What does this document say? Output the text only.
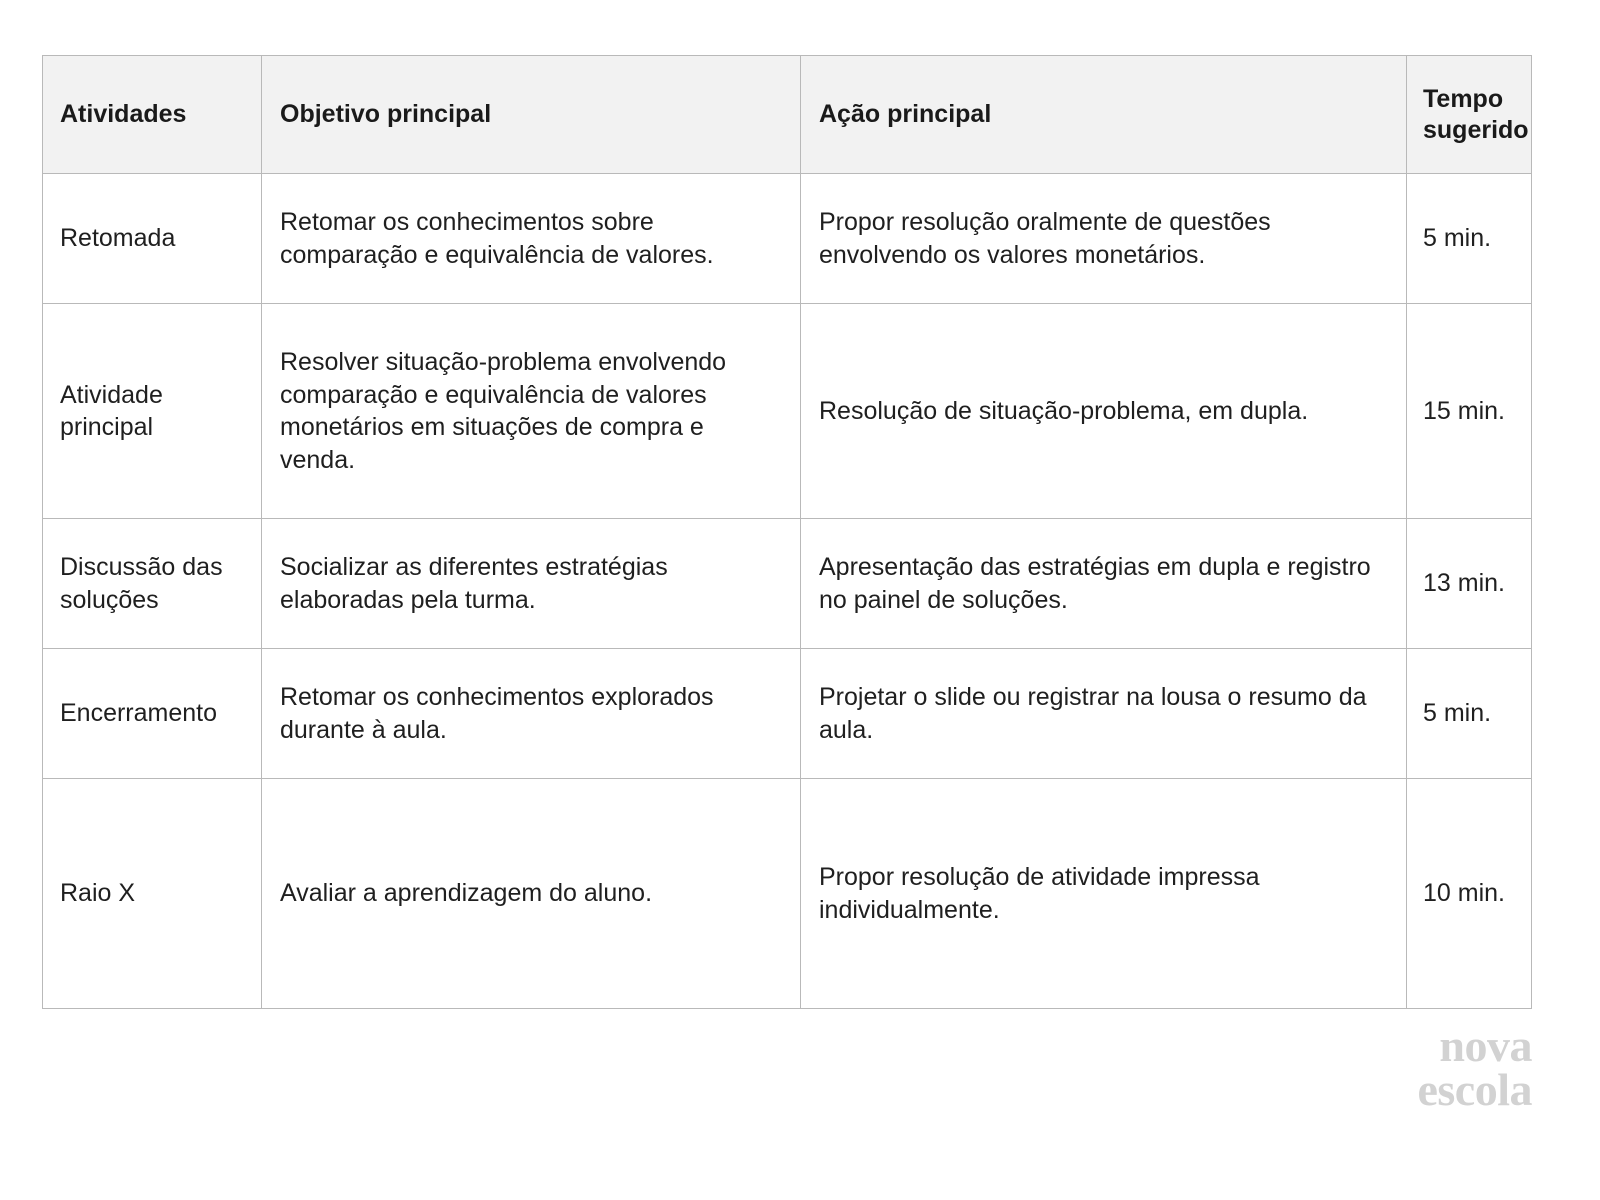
Atividades	Objetivo principal	Ação principal	Tempo sugerido
Retomada	Retomar os conhecimentos sobre comparação e equivalência de valores.	Propor resolução oralmente de questões envolvendo os valores monetários.	5 min.
Atividade principal	Resolver situação-problema envolvendo comparação e equivalência de valores monetários em situações de compra e venda.	Resolução de situação-problema, em dupla.	15 min.
Discussão das soluções	Socializar as diferentes estratégias elaboradas pela turma.	Apresentação das estratégias em dupla e registro no painel de soluções.	13 min.
Encerramento	Retomar os conhecimentos explorados durante à aula.	Projetar o slide ou registrar na lousa o resumo da aula.	5 min.
Raio X	Avaliar a aprendizagem do aluno.	Propor resolução de atividade impressa individualmente.	10 min.
nova
escola
